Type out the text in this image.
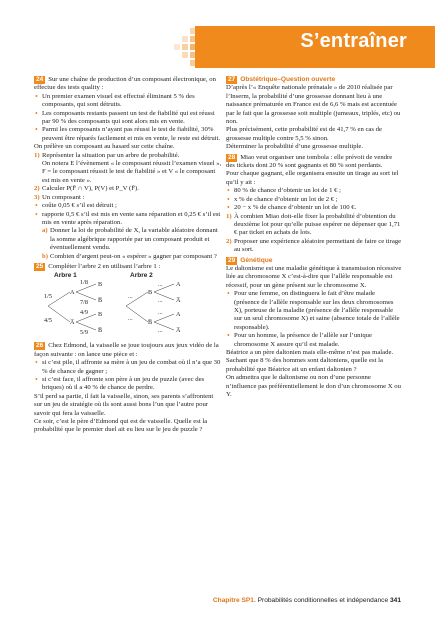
S’entraîner

24 Sur une chaîne de production d’un composant électronique, on effectue des tests quality :

• Un premier examen visuel est effectué éliminant 5 % des composants, qui sont détruits.
• Les composants restants passent un test de fiabilité qui est réussi par 90 % des composants qui sont alors mis en vente.
• Parmi les composants n’ayant pas réussi le test de fiabilité, 30% peuvent être réparés facilement et mis en vente, le reste est détruit.

On prélève un composant au hasard sur cette chaîne.

1) Représenter la situation par un arbre de probabilité.

On notera E l’évènement « le composant réussit l’examen visuel », F = le composant réussit le test de fiabilité » et V « le composant est mis en vente ».

2) Calculer P(F̄ ∩ V), P(V) et P_V (F̄).
3) Un composant :
• coûte 0,05 € s’il est détruit ;
• rapporte 0,5 € s’il est mis en vente sans réparation et 0,25 € s’il est mis en vente après réparation.
a) Donner la loi de probabilité de X, la variable aléatoire donnant la somme algébrique rapportée par un composant produit et éventuellement vendu.
b) Combien d’argent peut-on « espérer » gagner par composant ?

25 Compléter l’arbre 2 en utilisant l’arbre 1 :

Arbre 1	Arbre 2
1/5
4/5
A
A̅
1/8
7/8
4/9
5/9
B
B̅
B
B̅
...
...
B
B̅
...
...
...
...
A
A̅
A
A̅

26 Chez Edmond, la vaisselle se joue toujours aux jeux vidéo de la façon suivante : on lance une pièce et :

• si c’est pile, il affronte sa mère à un jeu de combat où il n’a que 30 % de chance de gagner ;
• si c’est face, il affronte son père à un jeu de puzzle (avec des briques) où il a 40 % de chance de perdre.

S’il perd sa partie, il fait la vaisselle, sinon, ses parents s’affrontent sur un jeu de stratégie où ils sont aussi bons l’un que l’autre pour savoir qui fera la vaisselle.

Ce soir, c’est le père d’Edmond qui est de vaisselle. Quelle est la probabilité que le premier duel ait eu lieu sur le jeu de puzzle ?

27 Obstétrique–Question ouverte

D’après l’« Enquête nationale prénatale » de 2010 réalisée par l’Inserm, la probabilité d’une grossesse donnant lieu à une naissance prématurée en France est de 6,6 % mais est accentuée par le fait que la grossesse soit multiple (jumeaux, triplés, etc) ou non.

Plus précisément, cette probabilité est de 41,7 % en cas de grossesse multiple contre 5,5 % sinon.

Déterminer la probabilité d’une grossesse multiple.

28 Miao veut organiser une tombola : elle prévoit de vendre des tickets dont 20 % sont gagnants et 80 % sont perdants.

Pour chaque gagnant, elle organisera ensuite un tirage au sort tel qu’il y ait :

• 80 % de chance d’obtenir un lot de 1 € ;
• x % de chance d’obtenir un lot de 2 € ;
• 20 − x % de chance d’obtenir un lot de 100 €.
1) À combien Miao doit-elle fixer la probabilité d’obtention du deuxième lot pour qu’elle puisse espérer ne dépenser que 1,71 € par ticket en achats de lots.
2) Proposer une expérience aléatoire permettant de faire ce tirage au sort.

29 Génétique

Le daltonisme est une maladie génétique à transmission récessive liée au chromosome X c’est-à-dire que l’allèle responsable est récessif, pour un gène présent sur le chromosome X.

• Pour une femme, on distinguera le fait d’être malade (présence de l’allèle responsable sur les deux chromosomes X), porteuse de la maladie (présence de l’allèle responsable sur un seul chromosome X) et saine (absence totale de l’allèle responsable).
• Pour un homme, la présence de l’allèle sur l’unique chromosome X assure qu’il est malade.

Béatrice a un père daltonien mais elle-même n’est pas malade.

Sachant que 8 % des hommes sont daltoniens, quelle est la probabilité que Béatrice ait un enfant daltonien ?

On admettra que le daltonisme ou non d’une personne n’influence pas préférentiellement le don d’un chromosome X ou Y.

Chapitre SP1. Probabilités conditionnelles et indépendance 341
